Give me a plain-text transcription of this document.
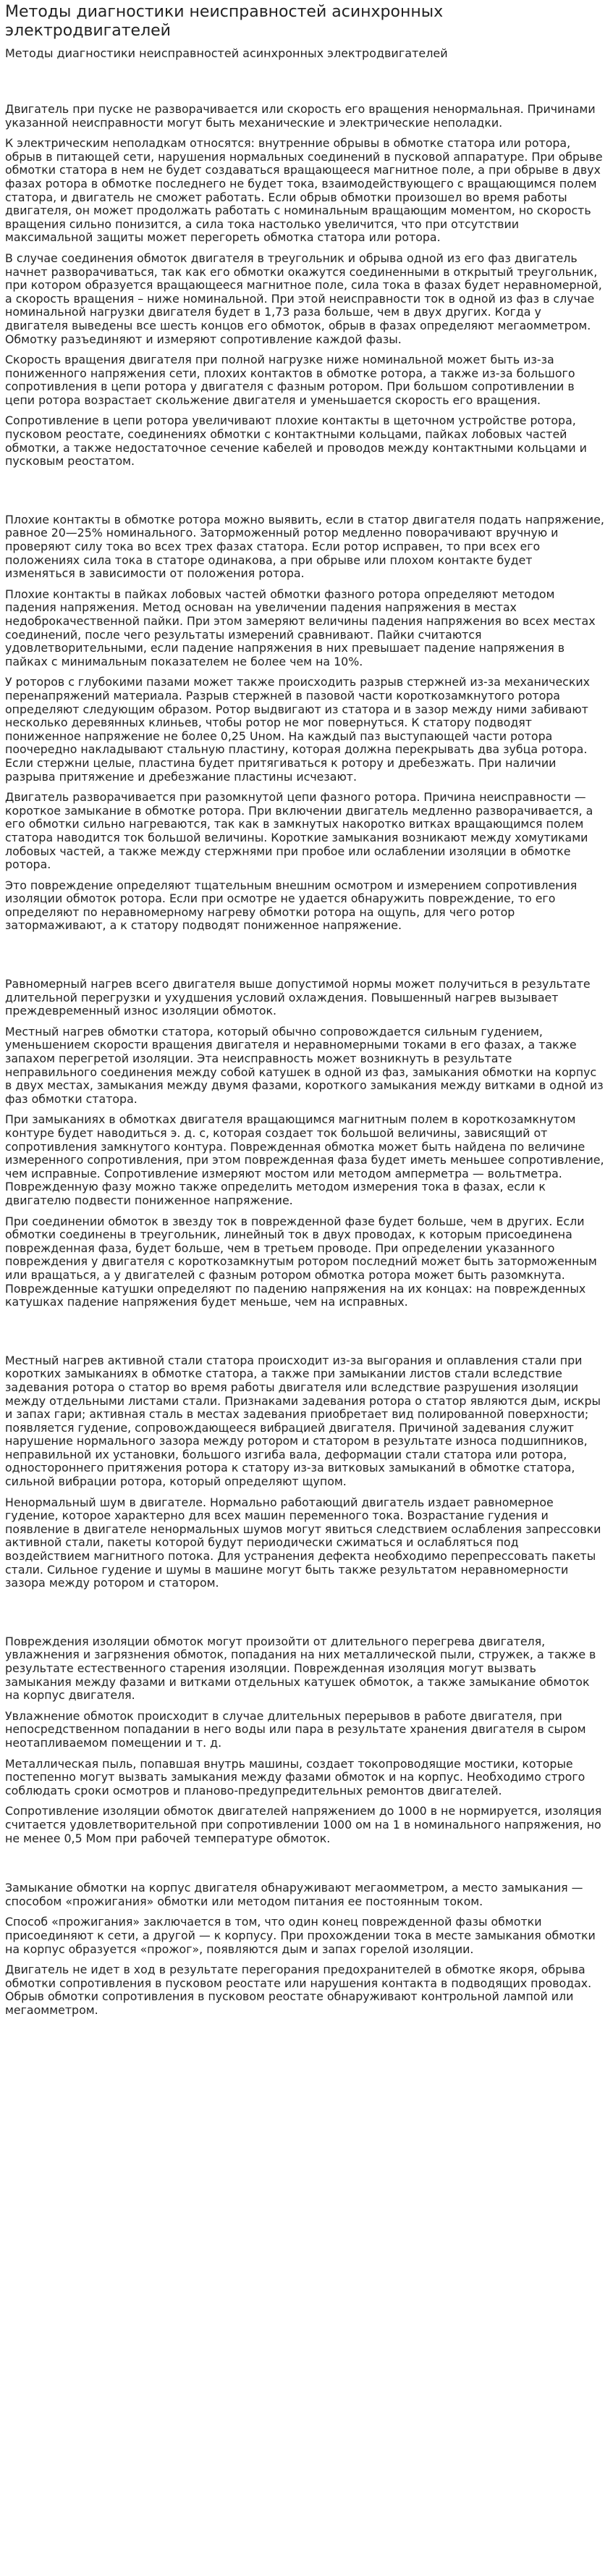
Методы диагностики неисправностей асинхронных электродвигателей
Методы диагностики неисправностей асинхронных электродвигателей

Двигатель при пуске не разворачивается или скорость его вращения ненормальная. Причинами указанной неисправности могут быть механические и электрические неполадки.

К электрическим неполадкам относятся: внутренние обрывы в обмотке статора или ротора, обрыв в питающей сети, нарушения нормальных соединений в пусковой аппаратуре. При обрыве обмотки статора в нем не будет создаваться вращающееся магнитное поле, а при обрыве в двух фазах ротора в обмотке последнего не будет тока, взаимодействующего с вращающимся полем статора, и двигатель не сможет работать. Если обрыв обмотки произошел во время работы двигателя, он может продолжать работать с номинальным вращающим моментом, но скорость вращения сильно понизится, а сила тока настолько увеличится, что при отсутствии максимальной защиты может перегореть обмотка статора или ротора.

В случае соединения обмоток двигателя в треугольник и обрыва одной из его фаз двигатель начнет разворачиваться, так как его обмотки окажутся соединенными в открытый треугольник, при котором образуется вращающееся магнитное поле, сила тока в фазах будет неравномерной, а скорость вращения – ниже номинальной. При этой неисправности ток в одной из фаз в случае номинальной нагрузки двигателя будет в 1,73 раза больше, чем в двух других. Когда у двигателя выведены все шесть концов его обмоток, обрыв в фазах определяют мегаомметром. Обмотку разъединяют и измеряют сопротивление каждой фазы.

Скорость вращения двигателя при полной нагрузке ниже номинальной может быть из-за пониженного напряжения сети, плохих контактов в обмотке ротора, а также из-за большого сопротивления в цепи ротора у двигателя с фазным ротором. При большом сопротивлении в цепи ротора возрастает скольжение двигателя и уменьшается скорость его вращения.

Сопротивление в цепи ротора увеличивают плохие контакты в щеточном устройстве ротора, пусковом реостате, соединениях обмотки с контактными кольцами, пайках лобовых частей обмотки, а также недостаточное сечение кабелей и проводов между контактными кольцами и пусковым реостатом.

Плохие контакты в обмотке ротора можно выявить, если в статор двигателя подать напряжение, равное 20—25% номинального. Заторможенный ротор медленно поворачивают вручную и проверяют силу тока во всех трех фазах статора. Если ротор исправен, то при всех его положениях сила тока в статоре одинакова, а при обрыве или плохом контакте будет изменяться в зависимости от положения ротора.

Плохие контакты в пайках лобовых частей обмотки фазного ротора определяют методом падения напряжения. Метод основан на увеличении падения напряжения в местах недоброкачественной пайки. При этом замеряют величины падения напряжения во всех местах соединений, после чего результаты измерений сравнивают. Пайки считаются удовлетворительными, если падение напряжения в них превышает падение напряжения в пайках с минимальным показателем не более чем на 10%.

У роторов с глубокими пазами может также происходить разрыв стержней из-за механических перенапряжений материала. Разрыв стержней в пазовой части короткозамкнутого ротора определяют следующим образом. Ротор выдвигают из статора и в зазор между ними забивают несколько деревянных клиньев, чтобы ротор не мог повернуться. К статору подводят пониженное напряжение не более 0,25 Uном. На каждый паз выступающей части ротора поочередно накладывают стальную пластину, которая должна перекрывать два зубца ротора. Если стержни целые, пластина будет притягиваться к ротору и дребезжать. При наличии разрыва притяжение и дребезжание пластины исчезают.

Двигатель разворачивается при разомкнутой цепи фазного ротора. Причина неисправности — короткое замыкание в обмотке ротора. При включении двигатель медленно разворачивается, а его обмотки сильно нагреваются, так как в замкнутых накоротко витках вращающимся полем статора наводится ток большой величины. Короткие замыкания возникают между хомутиками лобовых частей, а также между стержнями при пробое или ослаблении изоляции в обмотке ротора.

Это повреждение определяют тщательным внешним осмотром и измерением сопротивления изоляции обмоток ротора. Если при осмотре не удается обнаружить повреждение, то его определяют по неравномерному нагреву обмотки ротора на ощупь, для чего ротор затормаживают, а к статору подводят пониженное напряжение.

Равномерный нагрев всего двигателя выше допустимой нормы может получиться в результате длительной перегрузки и ухудшения условий охлаждения. Повышенный нагрев вызывает преждевременный износ изоляции обмоток.

Местный нагрев обмотки статора, который обычно сопровождается сильным гудением, уменьшением скорости вращения двигателя и неравномерными токами в его фазах, а также запахом перегретой изоляции. Эта неисправность может возникнуть в результате неправильного соединения между собой катушек в одной из фаз, замыкания обмотки на корпус в двух местах, замыкания между двумя фазами, короткого замыкания между витками в одной из фаз обмотки статора.

При замыканиях в обмотках двигателя вращающимся магнитным полем в короткозамкнутом контуре будет наводиться э. д. с, которая создает ток большой величины, зависящий от сопротивления замкнутого контура. Поврежденная обмотка может быть найдена по величине измеренного сопротивления, при этом поврежденная фаза будет иметь меньшее сопротивление, чем исправные. Сопротивление измеряют мостом или методом амперметра — вольтметра. Поврежденную фазу можно также определить методом измерения тока в фазах, если к двигателю подвести пониженное напряжение.

При соединении обмоток в звезду ток в поврежденной фазе будет больше, чем в других. Если обмотки соединены в треугольник, линейный ток в двух проводах, к которым присоединена поврежденная фаза, будет больше, чем в третьем проводе. При определении указанного повреждения у двигателя с короткозамкнутым ротором последний может быть заторможенным или вращаться, а у двигателей с фазным ротором обмотка ротора может быть разомкнута. Поврежденные катушки определяют по падению напряжения на их концах: на поврежденных катушках падение напряжения будет меньше, чем на исправных.

Местный нагрев активной стали статора происходит из-за выгорания и оплавления стали при коротких замыканиях в обмотке статора, а также при замыкании листов стали вследствие задевания ротора о статор во время работы двигателя или вследствие разрушения изоляции между отдельными листами стали. Признаками задевания ротора о статор являются дым, искры и запах гари; активная сталь в местах задевания приобретает вид полированной поверхности; появляется гудение, сопровождающееся вибрацией двигателя. Причиной задевания служит нарушение нормального зазора между ротором и статором в результате износа подшипников, неправильной их установки, большого изгиба вала, деформации стали статора или ротора, одностороннего притяжения ротора к статору из-за витковых замыканий в обмотке статора, сильной вибрации ротора, который определяют щупом.

Ненормальный шум в двигателе. Нормально работающий двигатель издает равномерное гудение, которое характерно для всех машин переменного тока. Возрастание гудения и появление в двигателе ненормальных шумов могут явиться следствием ослабления запрессовки активной стали, пакеты которой будут периодически сжиматься и ослабляться под воздействием магнитного потока. Для устранения дефекта необходимо перепрессовать пакеты стали. Сильное гудение и шумы в машине могут быть также результатом неравномерности зазора между ротором и статором.

Повреждения изоляции обмоток могут произойти от длительного перегрева двигателя, увлажнения и загрязнения обмоток, попадания на них металлической пыли, стружек, а также в результате естественного старения изоляции. Поврежденная изоляция могут вызвать замыкания между фазами и витками отдельных катушек обмоток, а также замыкание обмоток на корпус двигателя.

Увлажнение обмоток происходит в случае длительных перерывов в работе двигателя, при непосредственном попадании в него воды или пара в результате хранения двигателя в сыром неотапливаемом помещении и т. д.

Металлическая пыль, попавшая внутрь машины, создает токопроводящие мостики, которые постепенно могут вызвать замыкания между фазами обмоток и на корпус. Необходимо строго соблюдать сроки осмотров и планово-предупредительных ремонтов двигателей.

Сопротивление изоляции обмоток двигателей напряжением до 1000 в не нормируется, изоляция считается удовлетворительной при сопротивлении 1000 ом на 1 в номинального напряжения, но не менее 0,5 Мом при рабочей температуре обмоток.

Замыкание обмотки на корпус двигателя обнаруживают мегаомметром, а место замыкания — способом «прожигания» обмотки или методом питания ее постоянным током.

Способ «прожигания» заключается в том, что один конец поврежденной фазы обмотки присоединяют к сети, а другой — к корпусу. При прохождении тока в месте замыкания обмотки на корпус образуется «прожог», появляются дым и запах горелой изоляции.

Двигатель не идет в ход в результате перегорания предохранителей в обмотке якоря, обрыва обмотки сопротивления в пусковом реостате или нарушения контакта в подводящих проводах. Обрыв обмотки сопротивления в пусковом реостате обнаруживают контрольной лампой или мегаомметром.
